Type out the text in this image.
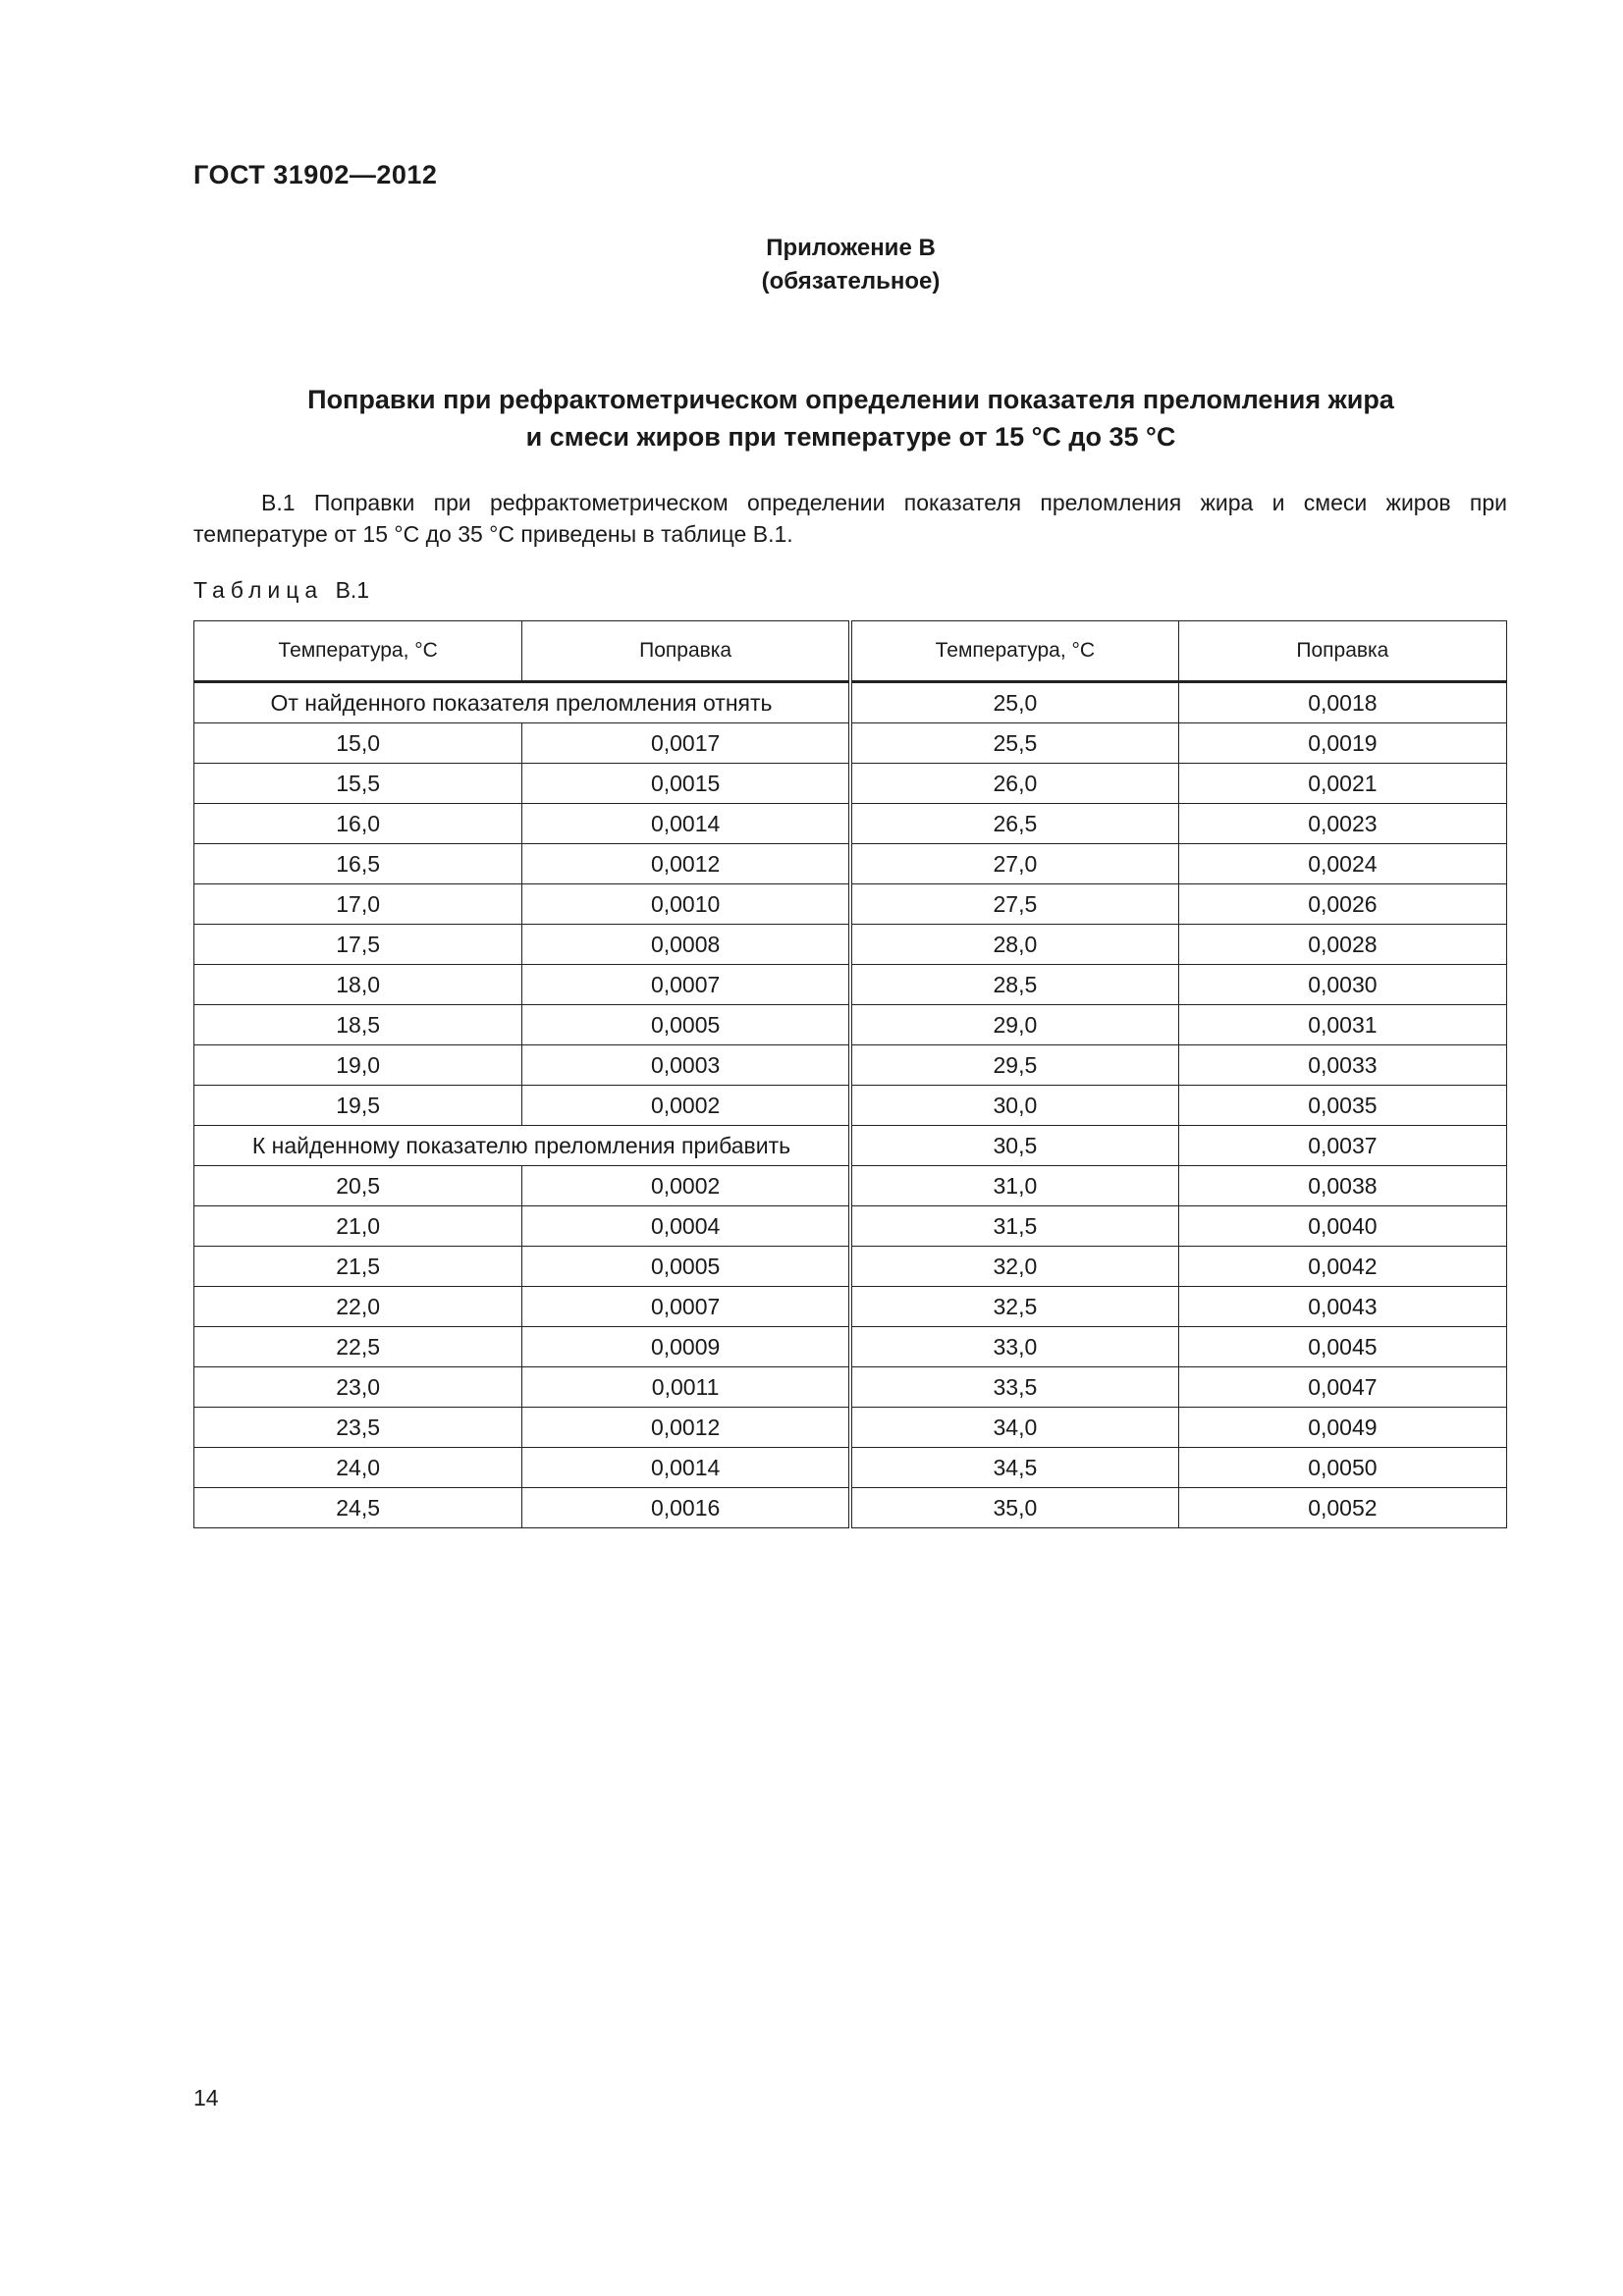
ГОСТ 31902—2012
Приложение В
(обязательное)
Поправки при рефрактометрическом определении показателя преломления жира
и смеси жиров при температуре от 15 °С до 35 °С
В.1 Поправки при рефрактометрическом определении показателя преломления жира и смеси жиров при
температуре от 15 °С до 35 °С приведены в таблице В.1.
Таблица В.1
Температура, °С	Поправка	Температура, °С	Поправка
От найденного показателя преломления отнять		25,0	0,0018
15,0	0,0017	25,5	0,0019
15,5	0,0015	26,0	0,0021
16,0	0,0014	26,5	0,0023
16,5	0,0012	27,0	0,0024
17,0	0,0010	27,5	0,0026
17,5	0,0008	28,0	0,0028
18,0	0,0007	28,5	0,0030
18,5	0,0005	29,0	0,0031
19,0	0,0003	29,5	0,0033
19,5	0,0002	30,0	0,0035
К найденному показателю преломления прибавить		30,5	0,0037
20,5	0,0002	31,0	0,0038
21,0	0,0004	31,5	0,0040
21,5	0,0005	32,0	0,0042
22,0	0,0007	32,5	0,0043
22,5	0,0009	33,0	0,0045
23,0	0,0011	33,5	0,0047
23,5	0,0012	34,0	0,0049
24,0	0,0014	34,5	0,0050
24,5	0,0016	35,0	0,0052
14
